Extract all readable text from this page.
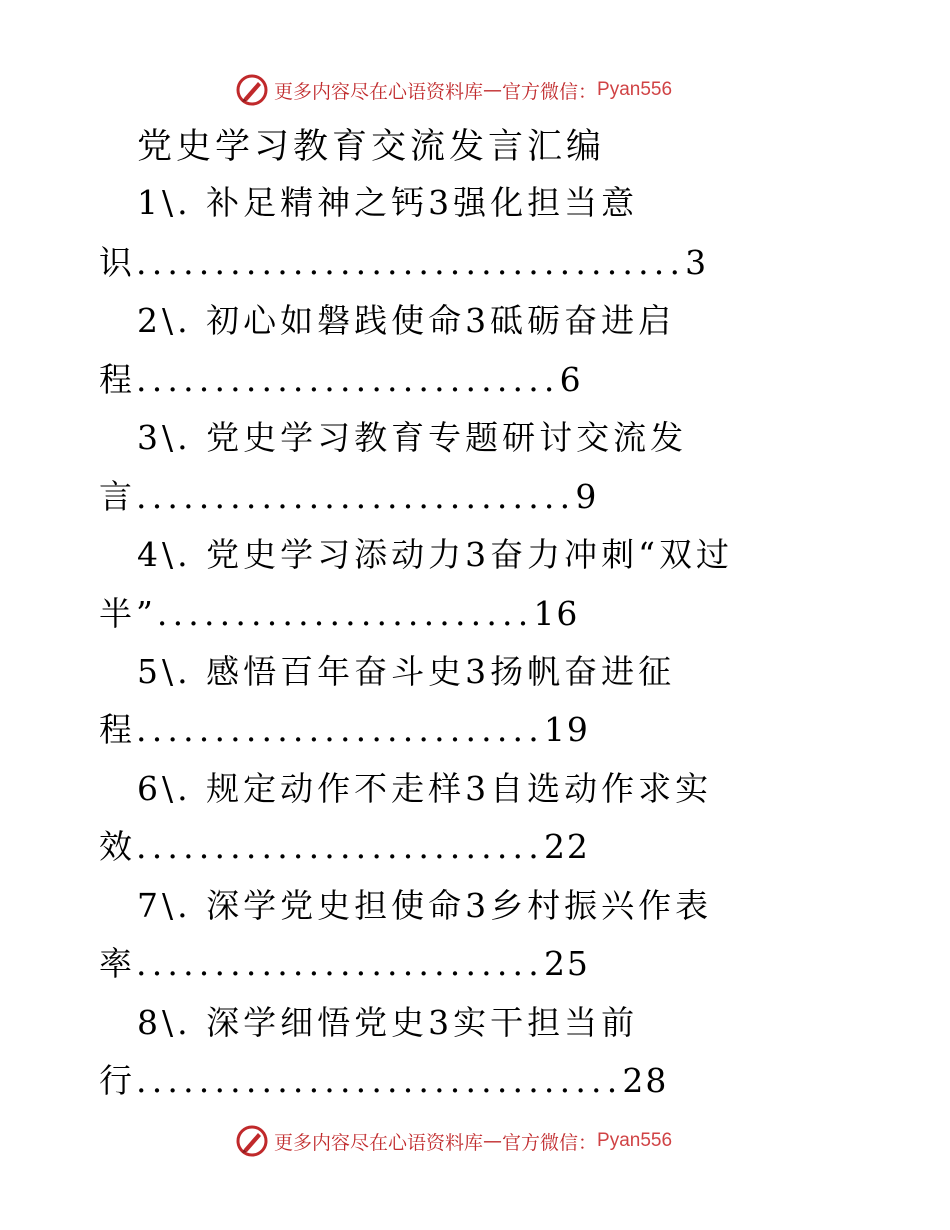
更多内容尽在心语资料库 — 官方微信： Pyan556
党史学习教育交流发言汇编
1\. 补足精神之钙3强化担当意
识...................................3
2\. 初心如磐践使命3砥砺奋进启
程...........................6
3\. 党史学习教育专题研讨交流发
言............................9
4\. 党史学习添动力3奋力冲刺“双过
半”........................16
5\. 感悟百年奋斗史3扬帆奋进征
程..........................19
6\. 规定动作不走样3自选动作求实
效..........................22
7\. 深学党史担使命3乡村振兴作表
率..........................25
8\. 深学细悟党史3实干担当前
行...............................28
更多内容尽在心语资料库 — 官方微信： Pyan556
